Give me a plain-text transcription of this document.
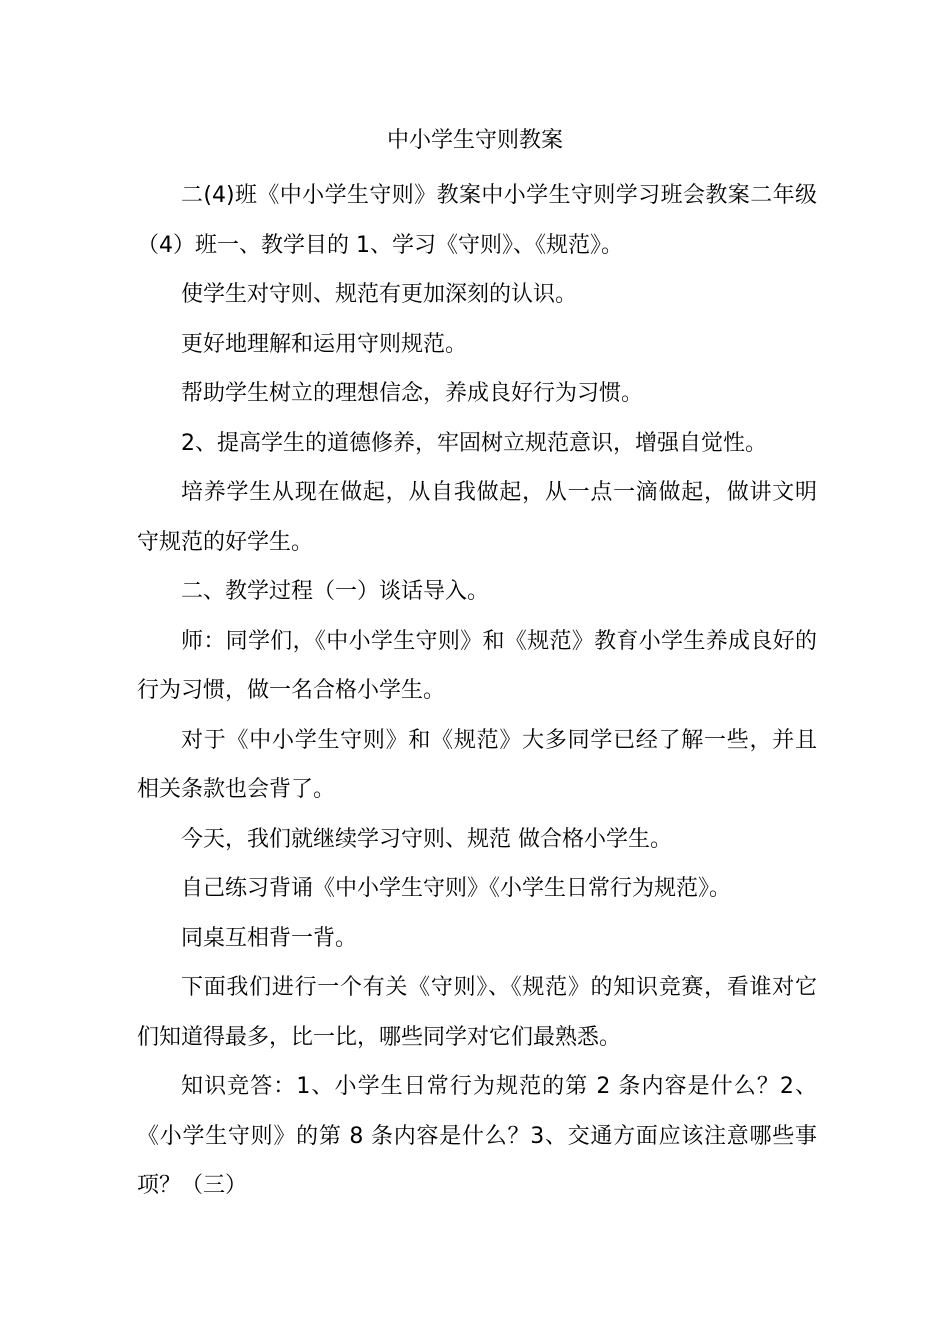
中小学生守则教案

二(4)班《中小学生守则》教案中小学生守则学习班会教案二年级（4）班一、教学目的 1、学习《守则》、《规范》。

使学生对守则、规范有更加深刻的认识。

更好地理解和运用守则规范。

帮助学生树立的理想信念，养成良好行为习惯。

2、提高学生的道德修养，牢固树立规范意识，增强自觉性。

培养学生从现在做起，从自我做起，从一点一滴做起，做讲文明守规范的好学生。

二、教学过程（一）谈话导入。

师：同学们，《中小学生守则》和《规范》教育小学生养成良好的行为习惯，做一名合格小学生。

对于《中小学生守则》和《规范》大多同学已经了解一些，并且相关条款也会背了。

今天，我们就继续学习守则、规范 做合格小学生。

自己练习背诵《中小学生守则》《小学生日常行为规范》。

同桌互相背一背。

下面我们进行一个有关《守则》、《规范》的知识竞赛，看谁对它们知道得最多，比一比，哪些同学对它们最熟悉。

知识竞答：1、小学生日常行为规范的第 2 条内容是什么？2、《小学生守则》的第 8 条内容是什么？3、交通方面应该注意哪些事项？（三）
